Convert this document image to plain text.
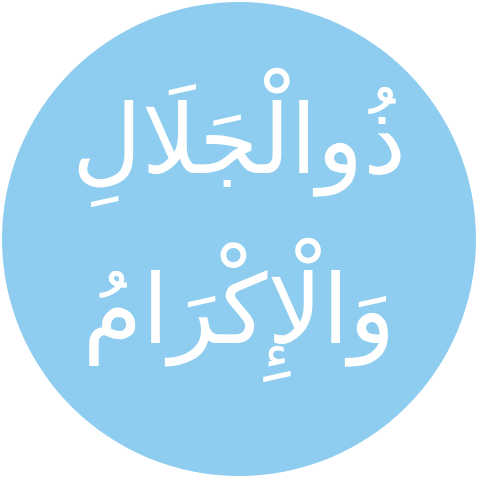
ذُوالْجَلَالِ
وَالْإِكْرَامُ
